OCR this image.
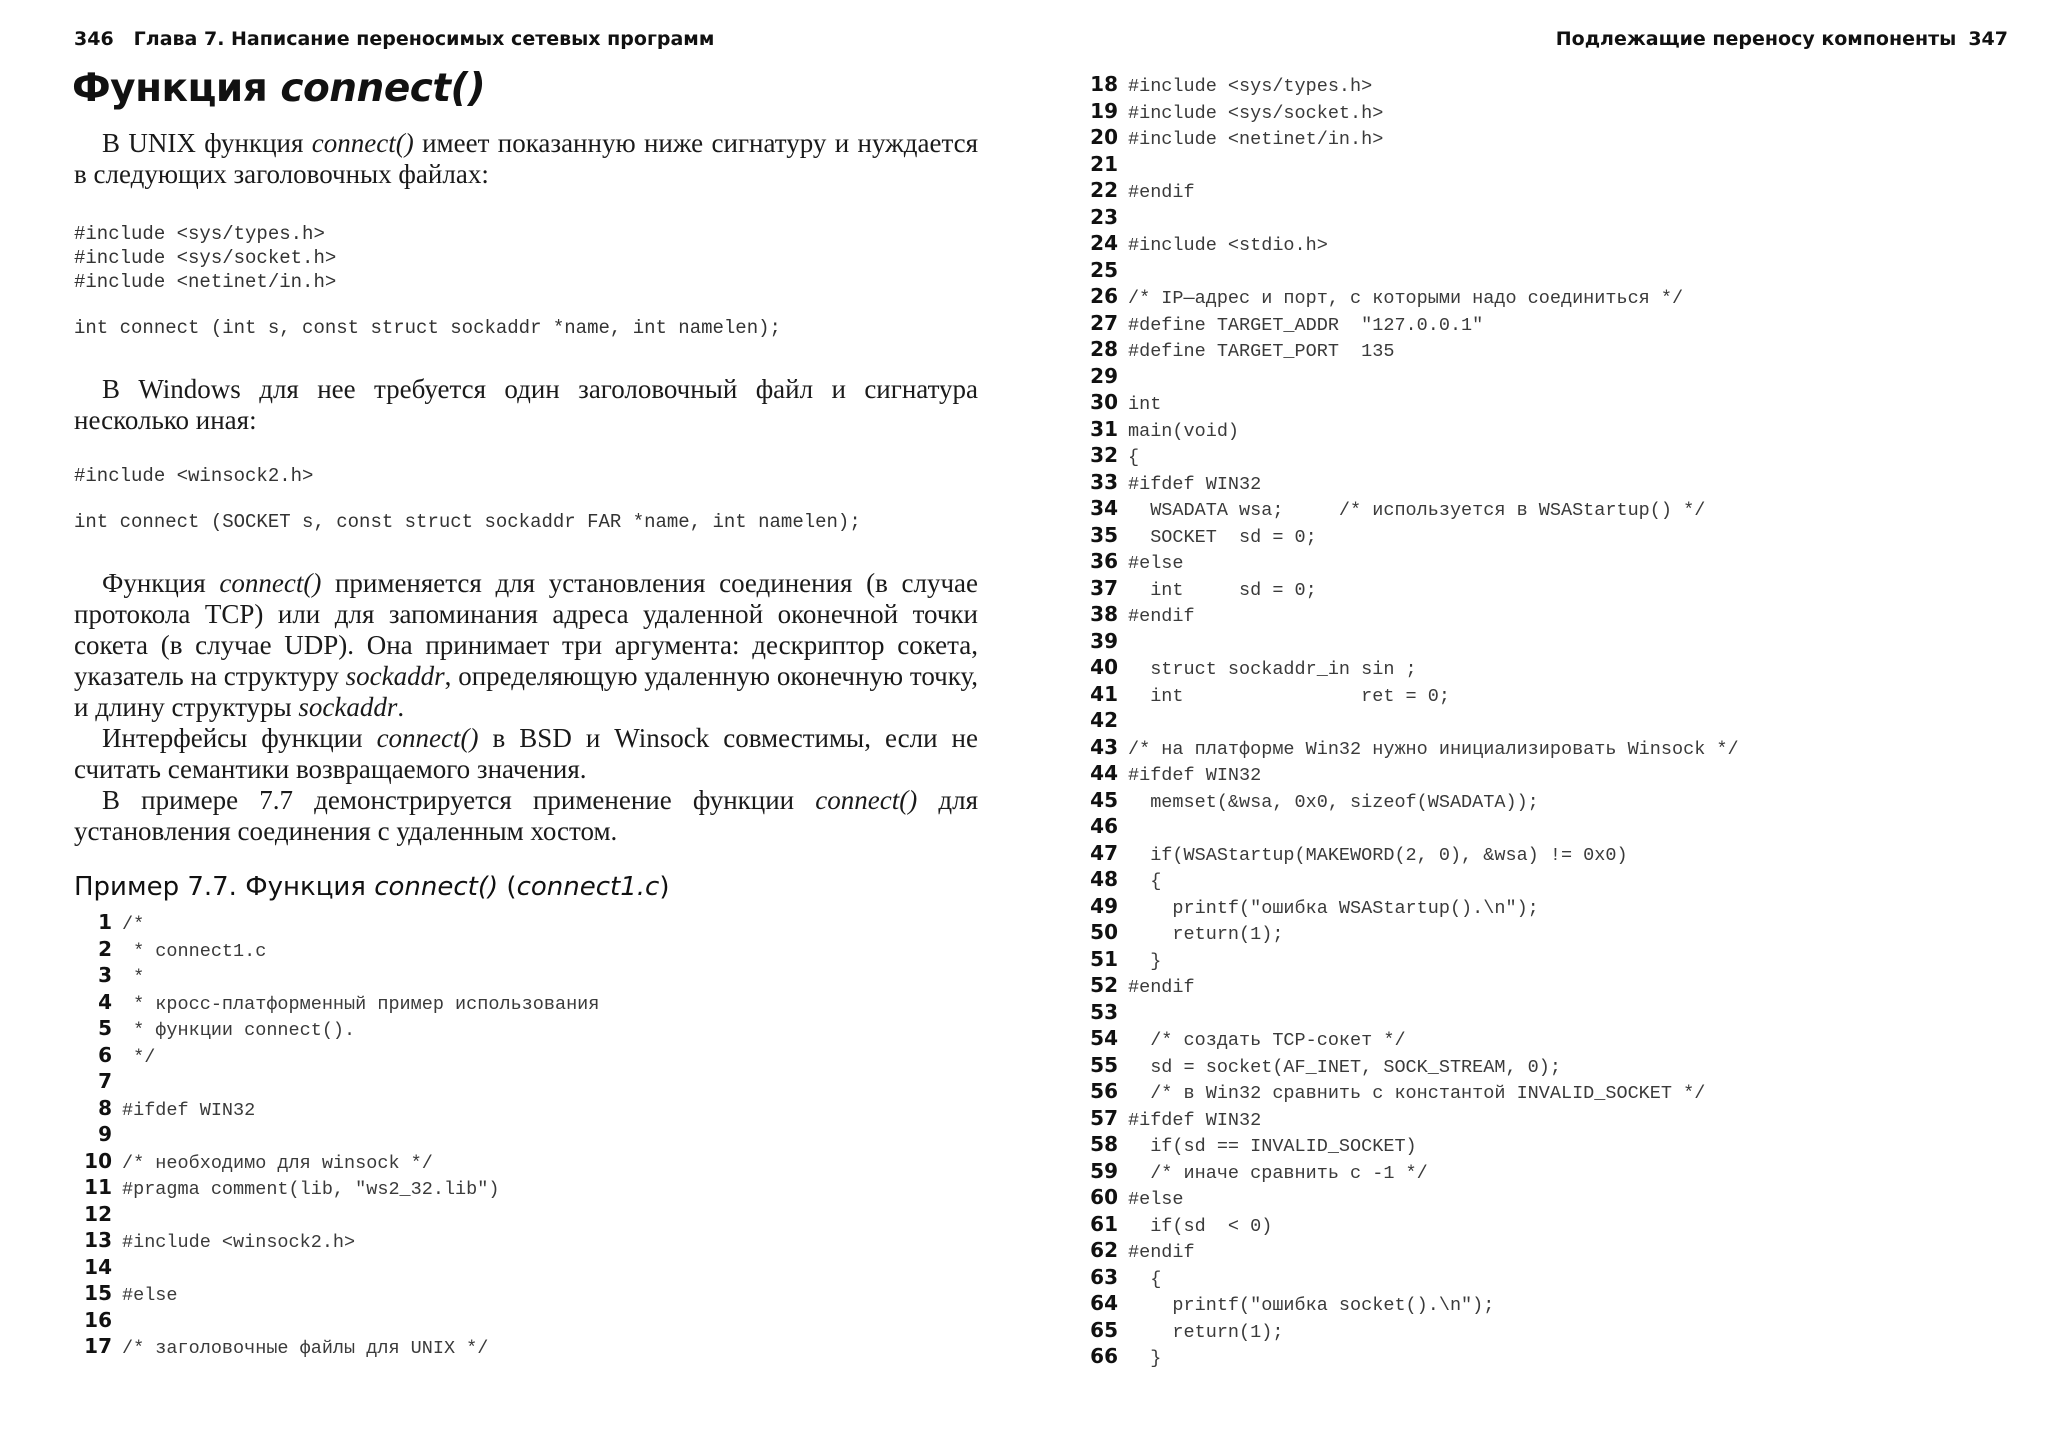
346 Глава 7. Написание переносимых сетевых программ
Функция connect()

В UNIX функция connect() имеет показанную ниже сигнатуру и нуждается в следующих заголовочных файлах:

#include <sys/types.h>
#include <sys/socket.h>
#include <netinet/in.h>
int connect (int s, const struct sockaddr *name, int namelen);

В Windows для нее требуется один заголовочный файл и сигнатура несколько иная:

#include <winsock2.h>
int connect (SOCKET s, const struct sockaddr FAR *name, int namelen);

Функция connect() применяется для установления соединения (в случае протокола TCP) или для запоминания адреса удаленной оконечной точки сокета (в случае UDP). Она принимает три аргумента: дескриптор сокета, указатель на структуру sockaddr, определяющую удаленную оконечную точку, и длину структуры sockaddr.

Интерфейсы функции connect() в BSD и Winsock совместимы, если не считать семантики возвращаемого значения.

В примере 7.7 демонстрируется применение функции connect() для установления соединения с удаленным хостом.

Пример 7.7. Функция connect() (connect1.c)
1 /*
2 * connect1.c
3 *
4 * кросс-платформенный пример использования
5 * функции connect().
6 */
7
8 #ifdef WIN32
9
10 /* необходимо для winsock */
11 #pragma comment(lib, "ws2_32.lib")
12
13 #include <winsock2.h>
14
15 #else
16
17 /* заголовочные файлы для UNIX */
Подлежащие переносу компоненты 347
18 #include <sys/types.h>
19 #include <sys/socket.h>
20 #include <netinet/in.h>
21
22 #endif
23
24 #include <stdio.h>
25
26 /* IP—адрес и порт, с которыми надо соединиться */
27 #define TARGET_ADDR  "127.0.0.1"
28 #define TARGET_PORT  135
29
30 int
31 main(void)
32 {
33 #ifdef WIN32
34 WSADATA wsa;     /* используется в WSAStartup() */
35 SOCKET  sd = 0;
36 #else
37 int     sd = 0;
38 #endif
39
40 struct sockaddr_in sin ;
41 int                ret = 0;
42
43 /* на платформе Win32 нужно инициализировать Winsock */
44 #ifdef WIN32
45 memset(&wsa, 0x0, sizeof(WSADATA));
46
47 if(WSAStartup(MAKEWORD(2, 0), &wsa) != 0x0)
48 {
49 printf("ошибка WSAStartup().\n");
50 return(1);
51 }
52 #endif
53
54 /* создать TCP-сокет */
55 sd = socket(AF_INET, SOCK_STREAM, 0);
56 /* в Win32 сравнить с константой INVALID_SOCKET */
57 #ifdef WIN32
58 if(sd == INVALID_SOCKET)
59 /* иначе сравнить с -1 */
60 #else
61 if(sd  < 0)
62 #endif
63 {
64 printf("ошибка socket().\n");
65 return(1);
66 }
